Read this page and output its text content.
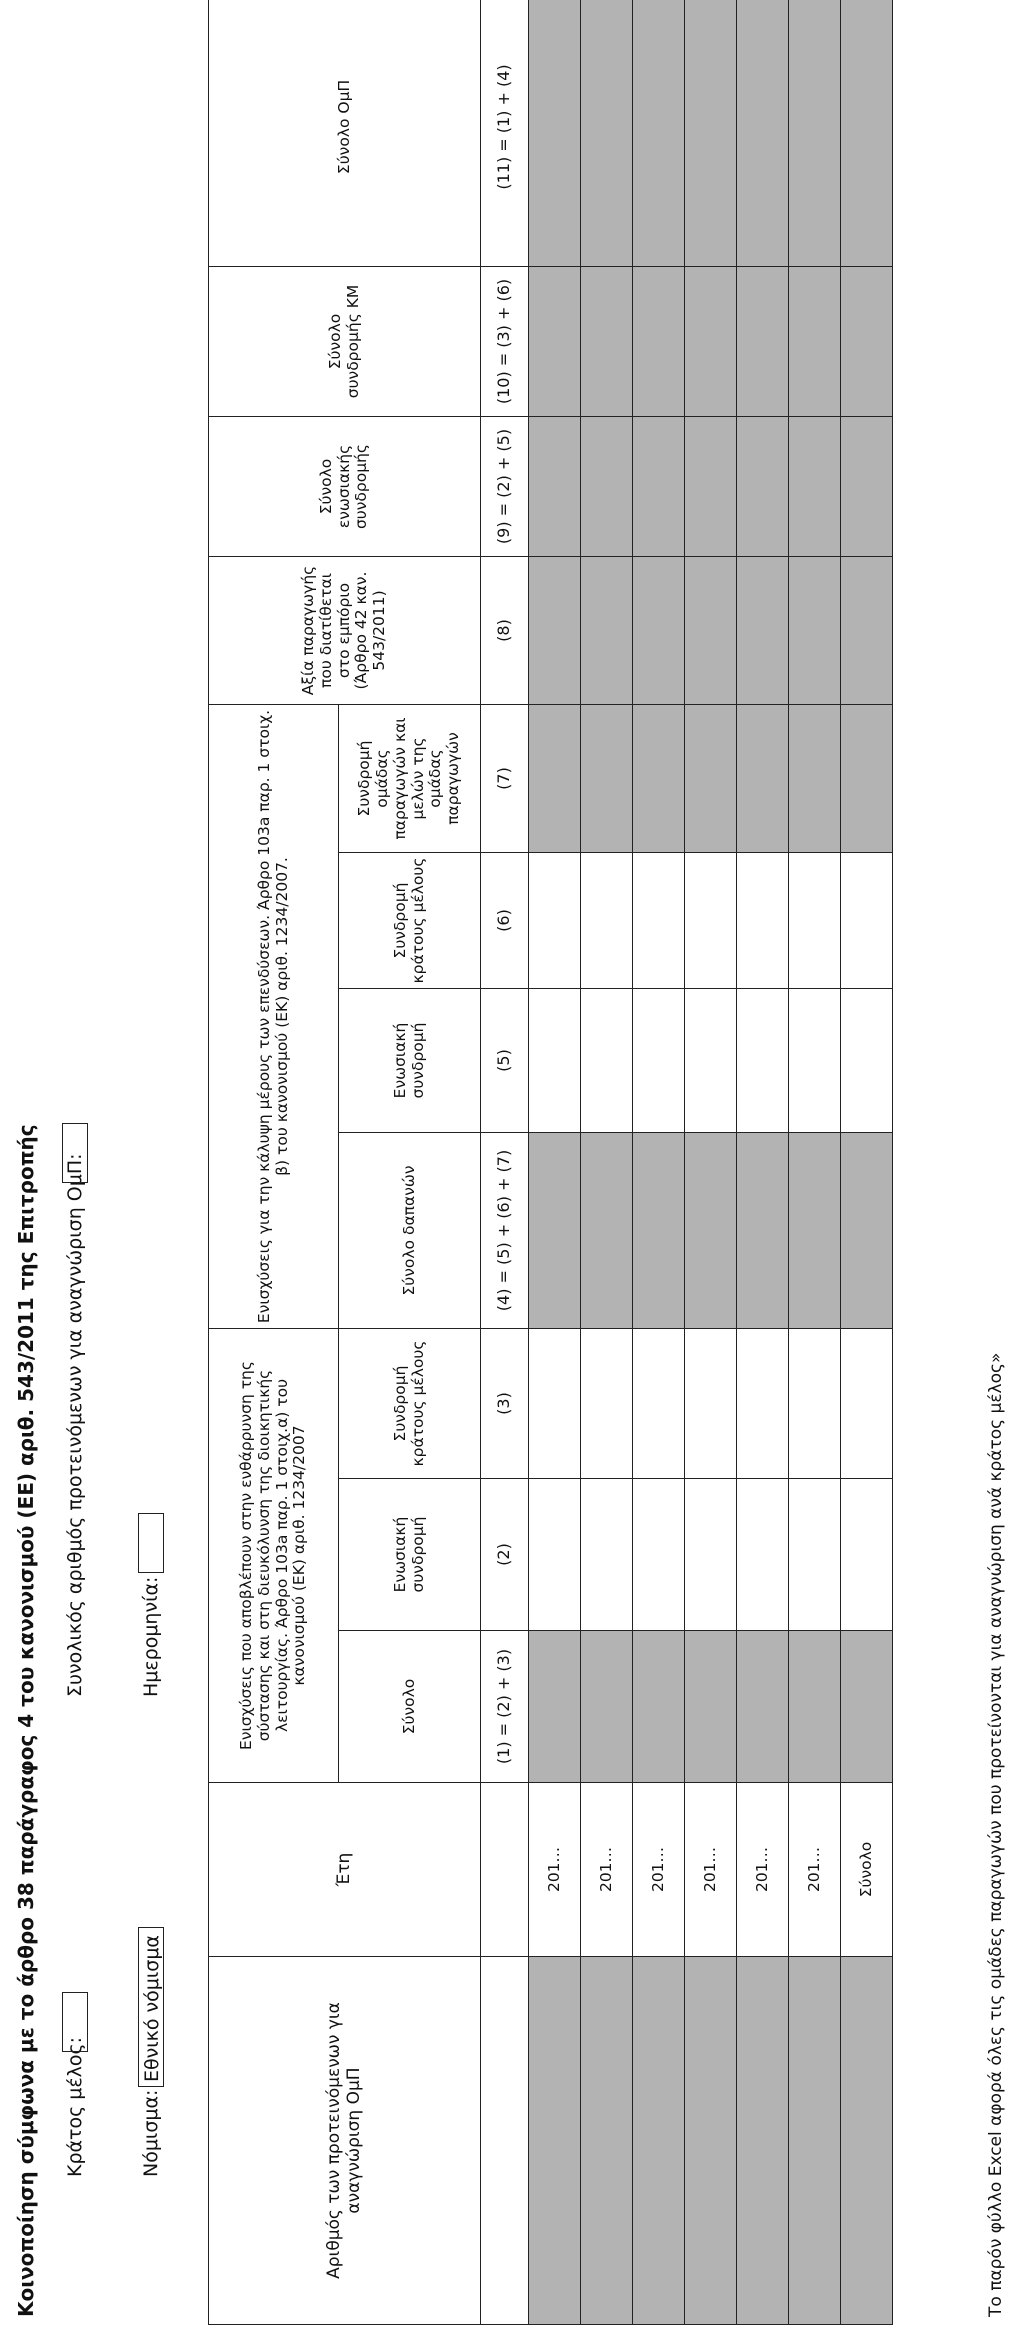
Κοινοποίηση σύμφωνα με το άρθρο 38 παράγραφος 4 του κανονισμού (ΕΕ) αριθ. 543/2011 της Επιτροπής Κράτος μέλος:
Συνολικός αριθμός προτεινόμενων για αναγνώριση ΟμΠ:
Νόμισμα:
Εθνικό νόμισμα
Ημερομηνία:
Αριθμός των προτεινόμενων για αναγνώριση ΟμΠ	Έτη	Ενισχύσεις που αποβλέπουν στην ενθάρρυνση της σύστασης και στη διευκόλυνση της διοικητικής λειτουργίας. Άρθρο 103a παρ. 1 στοιχ.α) του κανονισμού (ΕΚ) αριθ. 1234/2007			Ενισχύσεις για την κάλυψη μέρους των επενδύσεων. Άρθρο 103a παρ. 1 στοιχ. β) του κανονισμού (ΕΚ) αριθ. 1234/2007.				Αξία παραγωγής που διατίθεται στο εμπόριο (Άρθρο 42 καν. 543/2011)	Σύνολο ενωσιακής συνδρομής	Σύνολο συνδρομής ΚΜ	Σύνολο ΟμΠ
		Σύνολο	Ενωσιακή συνδρομή	Συνδρομή κράτους μέλους	Σύνολο δαπανών	Ενωσιακή συνδρομή	Συνδρομή κράτους μέλους	Συνδρομή ομάδας παραγωγών και μελών της ομάδας παραγωγών				
		(1) = (2) + (3)	(2)	(3)	(4) = (5) + (6) + (7)	(5)	(6)	(7)	(8)	(9) = (2) + (5)	(10) = (3) + (6)	(11) = (1) + (4)
	201…											
	201…											
	201…											
	201…											
	201…											
	201…											
	Σύνολο												Το παρόν φύλλο Excel αφορά όλες τις ομάδες παραγωγών που προτείνονται για αναγνώριση ανά κράτος μέλος»
